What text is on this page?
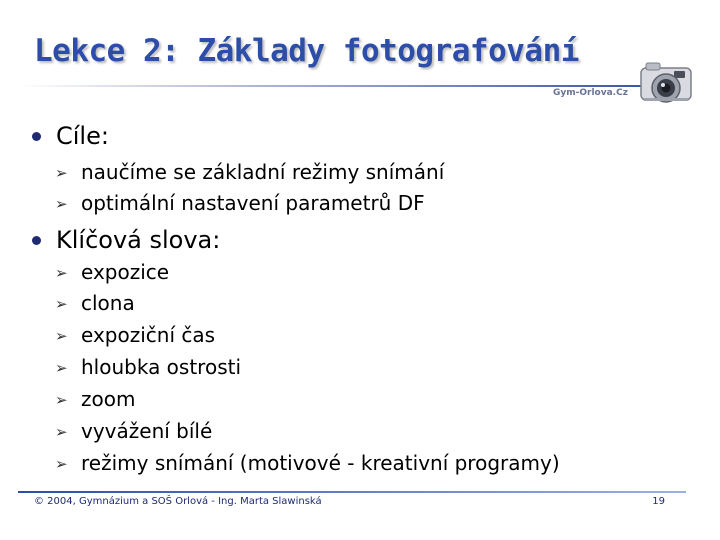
Lekce 2: Základy fotografování
Gym-Orlova.Cz
Cíle:
➢ naučíme se základní režimy snímání
➢ optimální nastavení parametrů DF
Klíčová slova:
➢ expozice
➢ clona
➢ expoziční čas
➢ hloubka ostrosti
➢ zoom
➢ vyvážení bílé
➢ režimy snímání (motivové - kreativní programy)
© 2004, Gymnázium a SOŠ Orlová - Ing. Marta Slawinská	19
